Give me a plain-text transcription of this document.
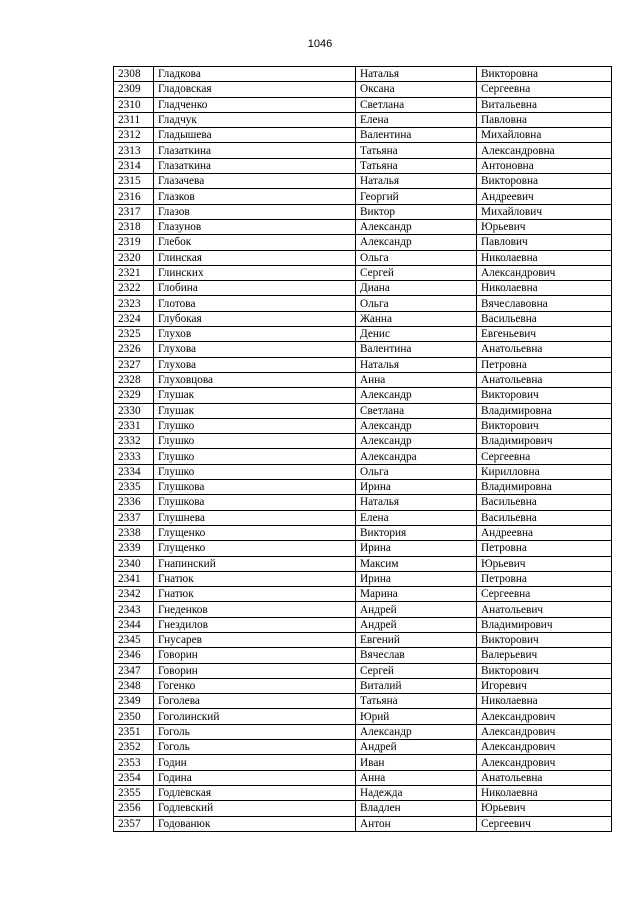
1046
2308	Гладкова	Наталья	Викторовна
2309	Гладовская	Оксана	Сергеевна
2310	Гладченко	Светлана	Витальевна
2311	Гладчук	Елена	Павловна
2312	Гладышева	Валентина	Михайловна
2313	Глазаткина	Татьяна	Александровна
2314	Глазаткина	Татьяна	Антоновна
2315	Глазачева	Наталья	Викторовна
2316	Глазков	Георгий	Андреевич
2317	Глазов	Виктор	Михайлович
2318	Глазунов	Александр	Юрьевич
2319	Глебок	Александр	Павлович
2320	Глинская	Ольга	Николаевна
2321	Глинских	Сергей	Александрович
2322	Глобина	Диана	Николаевна
2323	Глотова	Ольга	Вячеславовна
2324	Глубокая	Жанна	Васильевна
2325	Глухов	Денис	Евгеньевич
2326	Глухова	Валентина	Анатольевна
2327	Глухова	Наталья	Петровна
2328	Глуховцова	Анна	Анатольевна
2329	Глушак	Александр	Викторович
2330	Глушак	Светлана	Владимировна
2331	Глушко	Александр	Викторович
2332	Глушко	Александр	Владимирович
2333	Глушко	Александра	Сергеевна
2334	Глушко	Ольга	Кирилловна
2335	Глушкова	Ирина	Владимировна
2336	Глушкова	Наталья	Васильевна
2337	Глушнева	Елена	Васильевна
2338	Глущенко	Виктория	Андреевна
2339	Глущенко	Ирина	Петровна
2340	Гнапинский	Максим	Юрьевич
2341	Гнатюк	Ирина	Петровна
2342	Гнатюк	Марина	Сергеевна
2343	Гнеденков	Андрей	Анатольевич
2344	Гнездилов	Андрей	Владимирович
2345	Гнусарев	Евгений	Викторович
2346	Говорин	Вячеслав	Валерьевич
2347	Говорин	Сергей	Викторович
2348	Гогенко	Виталий	Игоревич
2349	Гоголева	Татьяна	Николаевна
2350	Гоголинский	Юрий	Александрович
2351	Гоголь	Александр	Александрович
2352	Гоголь	Андрей	Александрович
2353	Годин	Иван	Александрович
2354	Година	Анна	Анатольевна
2355	Годлевская	Надежда	Николаевна
2356	Годлевский	Владлен	Юрьевич
2357	Годованюк	Антон	Сергеевич
